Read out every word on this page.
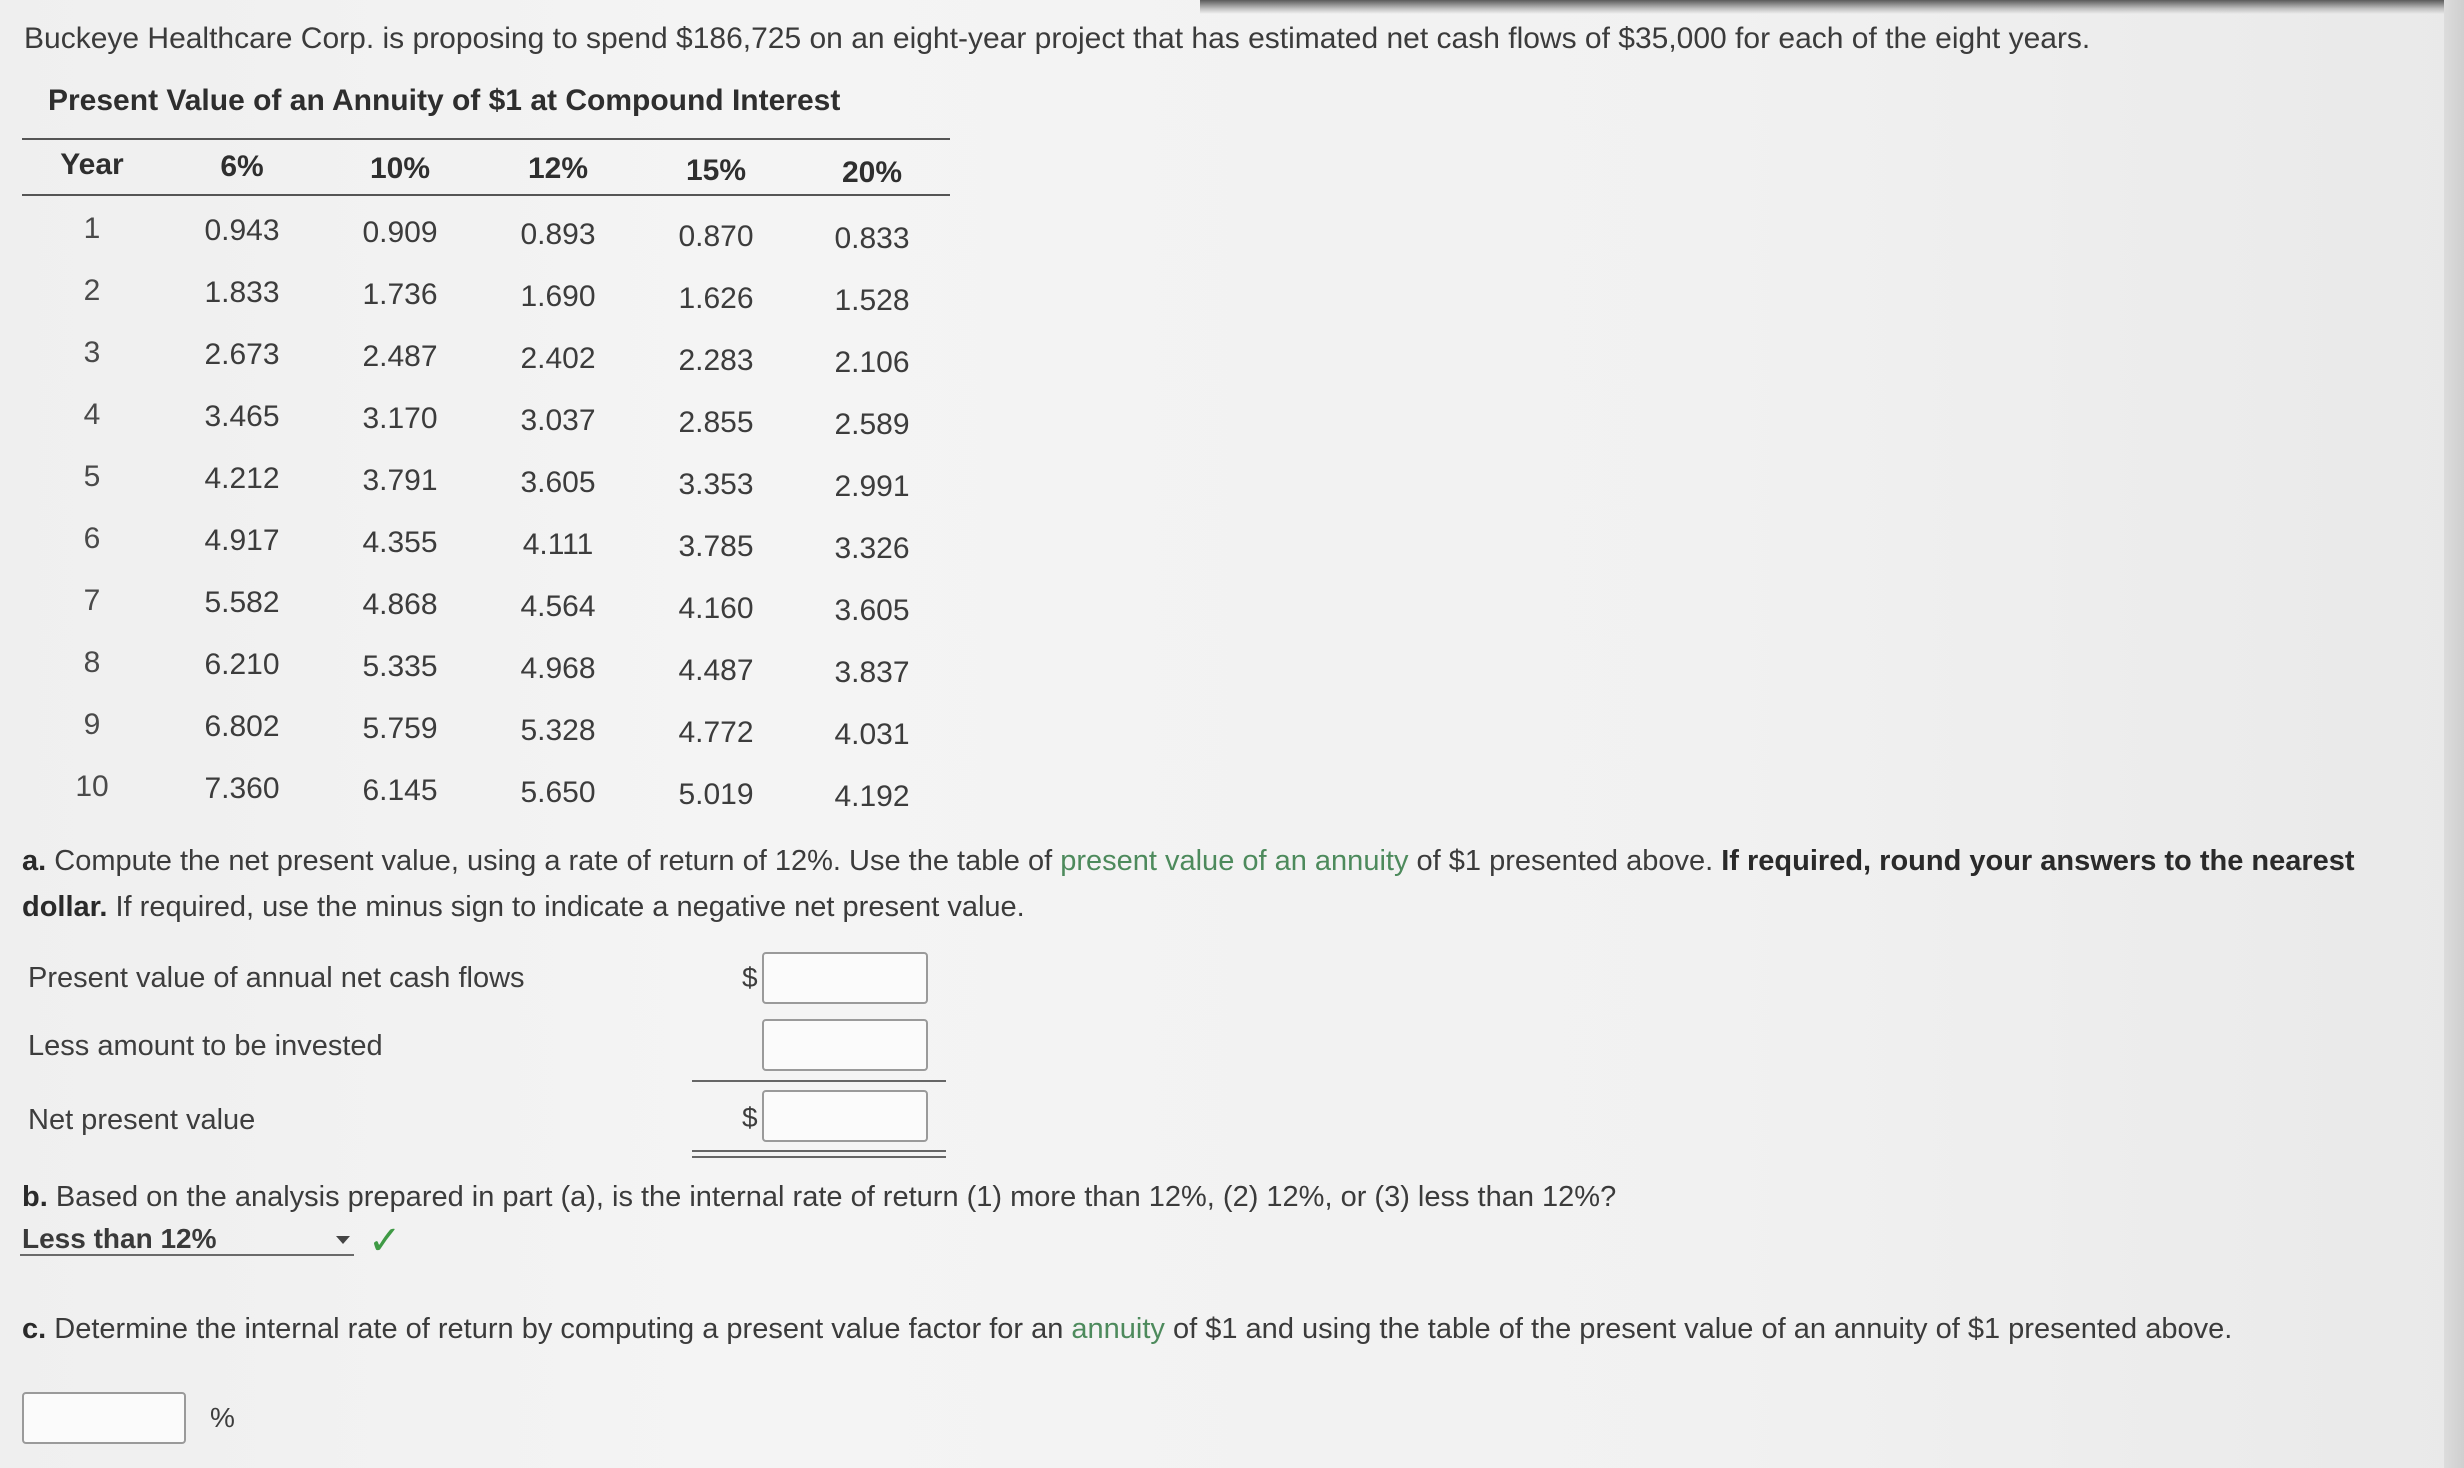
Buckeye Healthcare Corp. is proposing to spend $186,725 on an eight-year project that has estimated net cash flows of $35,000 for each of the eight years.
Present Value of an Annuity of $1 at Compound Interest
Year	6%	10%	12%	15%	20%
1	0.943	0.909	0.893	0.870	0.833
2	1.833	1.736	1.690	1.626	1.528
3	2.673	2.487	2.402	2.283	2.106
4	3.465	3.170	3.037	2.855	2.589
5	4.212	3.791	3.605	3.353	2.991
6	4.917	4.355	4.111	3.785	3.326
7	5.582	4.868	4.564	4.160	3.605
8	6.210	5.335	4.968	4.487	3.837
9	6.802	5.759	5.328	4.772	4.031
10	7.360	6.145	5.650	5.019	4.192
a. Compute the net present value, using a rate of return of 12%. Use the table of present value of an annuity of $1 presented above. If required, round your answers to the nearest dollar. If required, use the minus sign to indicate a negative net present value.
Present value of annual net cash flows	$
Less amount to be invested
Net present value	$
b. Based on the analysis prepared in part (a), is the internal rate of return (1) more than 12%, (2) 12%, or (3) less than 12%?
Less than 12%	✓
c. Determine the internal rate of return by computing a present value factor for an annuity of $1 and using the table of the present value of an annuity of $1 presented above.
%
